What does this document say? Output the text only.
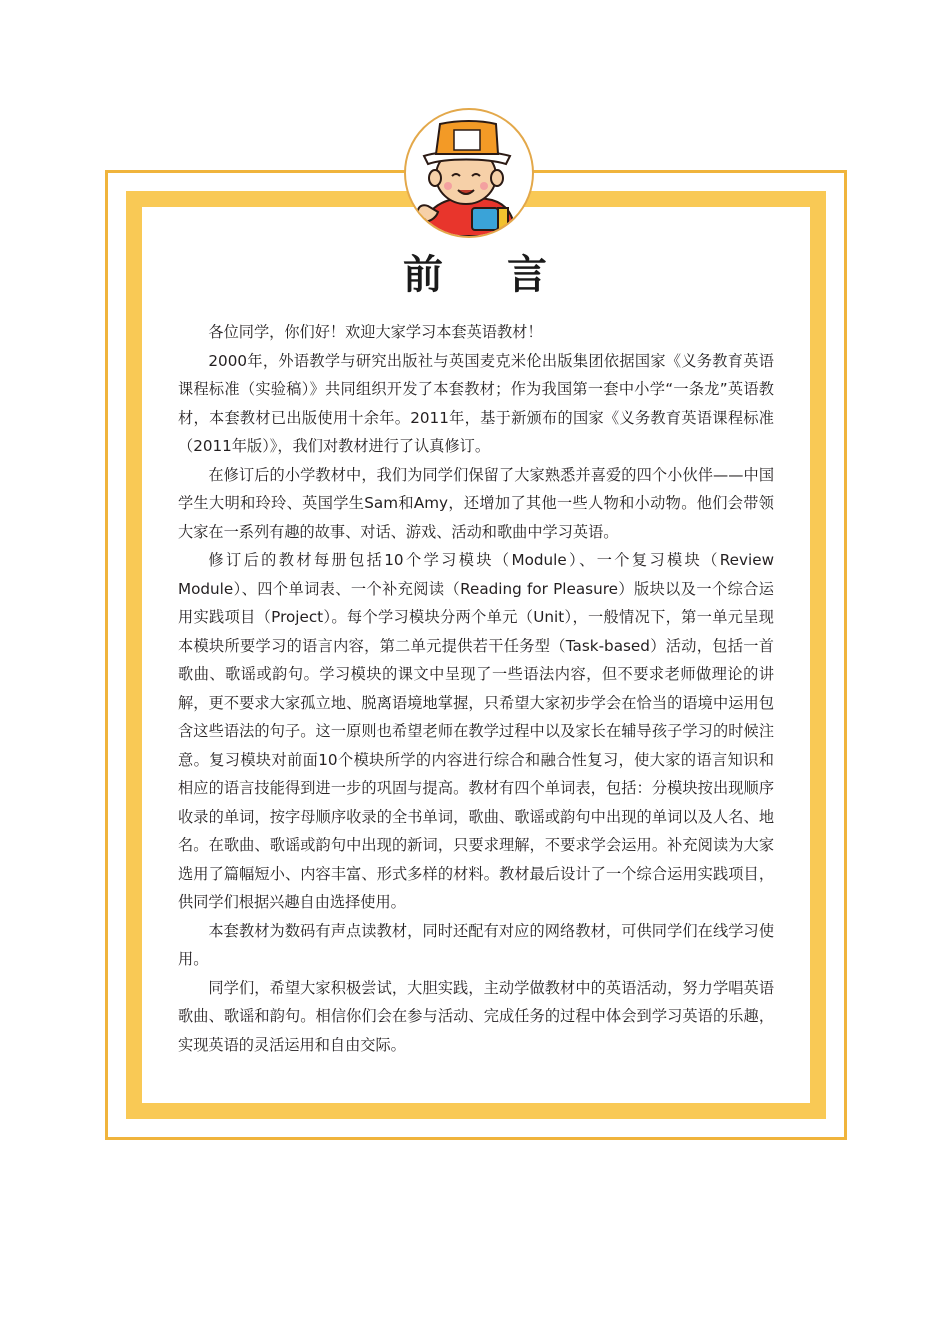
前言

各位同学，你们好！欢迎大家学习本套英语教材！

2000年，外语教学与研究出版社与英国麦克米伦出版集团依据国家《义务教育英语课程标准（实验稿）》共同组织开发了本套教材；作为我国第一套中小学“一条龙”英语教材，本套教材已出版使用十余年。2011年，基于新颁布的国家《义务教育英语课程标准（2011年版）》，我们对教材进行了认真修订。

在修订后的小学教材中，我们为同学们保留了大家熟悉并喜爱的四个小伙伴——中国学生大明和玲玲、英国学生Sam和Amy，还增加了其他一些人物和小动物。他们会带领大家在一系列有趣的故事、对话、游戏、活动和歌曲中学习英语。

修订后的教材每册包括10个学习模块（Module）、一个复习模块（Review Module）、四个单词表、一个补充阅读（Reading for Pleasure）版块以及一个综合运用实践项目（Project）。每个学习模块分两个单元（Unit），一般情况下，第一单元呈现本模块所要学习的语言内容，第二单元提供若干任务型（Task-based）活动，包括一首歌曲、歌谣或韵句。学习模块的课文中呈现了一些语法内容，但不要求老师做理论的讲解，更不要求大家孤立地、脱离语境地掌握，只希望大家初步学会在恰当的语境中运用包含这些语法的句子。这一原则也希望老师在教学过程中以及家长在辅导孩子学习的时候注意。复习模块对前面10个模块所学的内容进行综合和融合性复习，使大家的语言知识和相应的语言技能得到进一步的巩固与提高。教材有四个单词表，包括：分模块按出现顺序收录的单词，按字母顺序收录的全书单词，歌曲、歌谣或韵句中出现的单词以及人名、地名。在歌曲、歌谣或韵句中出现的新词，只要求理解，不要求学会运用。补充阅读为大家选用了篇幅短小、内容丰富、形式多样的材料。教材最后设计了一个综合运用实践项目，供同学们根据兴趣自由选择使用。

本套教材为数码有声点读教材，同时还配有对应的网络教材，可供同学们在线学习使用。

同学们，希望大家积极尝试，大胆实践，主动学做教材中的英语活动，努力学唱英语歌曲、歌谣和韵句。相信你们会在参与活动、完成任务的过程中体会到学习英语的乐趣，实现英语的灵活运用和自由交际。
